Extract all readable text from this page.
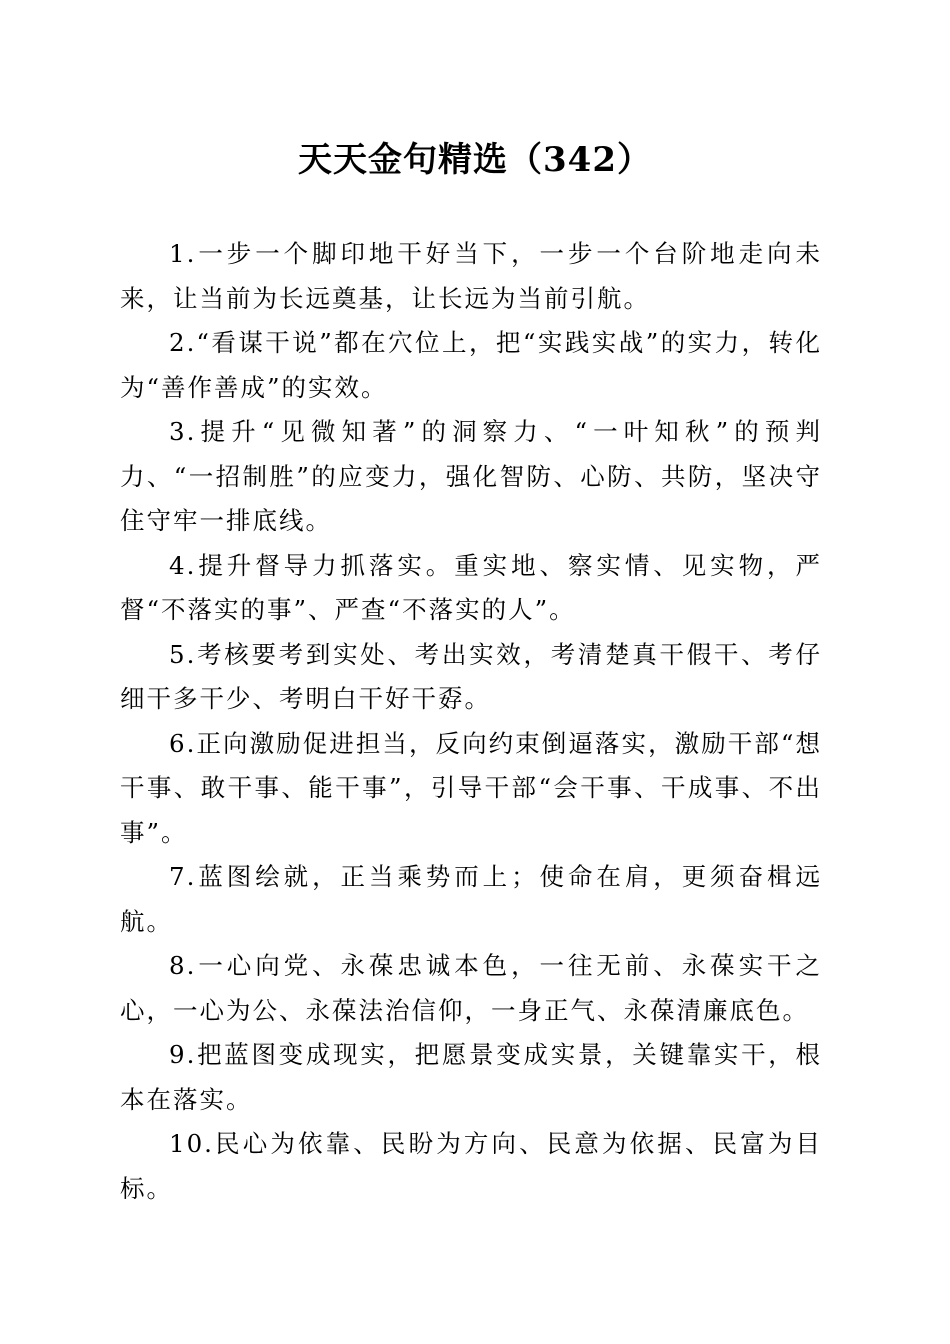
天天金句精选（342）

1.一步一个脚印地干好当下，一步一个台阶地走向未来，让当前为长远奠基，让长远为当前引航。

2.“看谋干说”都在穴位上，把“实践实战”的实力，转化为“善作善成”的实效。

3.提升“见微知著”的洞察力、“一叶知秋”的预判力、“一招制胜”的应变力，强化智防、心防、共防，坚决守住守牢一排底线。

4.提升督导力抓落实。重实地、察实情、见实物，严督“不落实的事”、严查“不落实的人”。

5.考核要考到实处、考出实效，考清楚真干假干、考仔细干多干少、考明白干好干孬。

6.正向激励促进担当，反向约束倒逼落实，激励干部“想干事、敢干事、能干事”，引导干部“会干事、干成事、不出事”。

7.蓝图绘就，正当乘势而上；使命在肩，更须奋楫远航。

8.一心向党、永葆忠诚本色，一往无前、永葆实干之心，一心为公、永葆法治信仰，一身正气、永葆清廉底色。

9.把蓝图变成现实，把愿景变成实景，关键靠实干，根本在落实。

10.民心为依靠、民盼为方向、民意为依据、民富为目标。
